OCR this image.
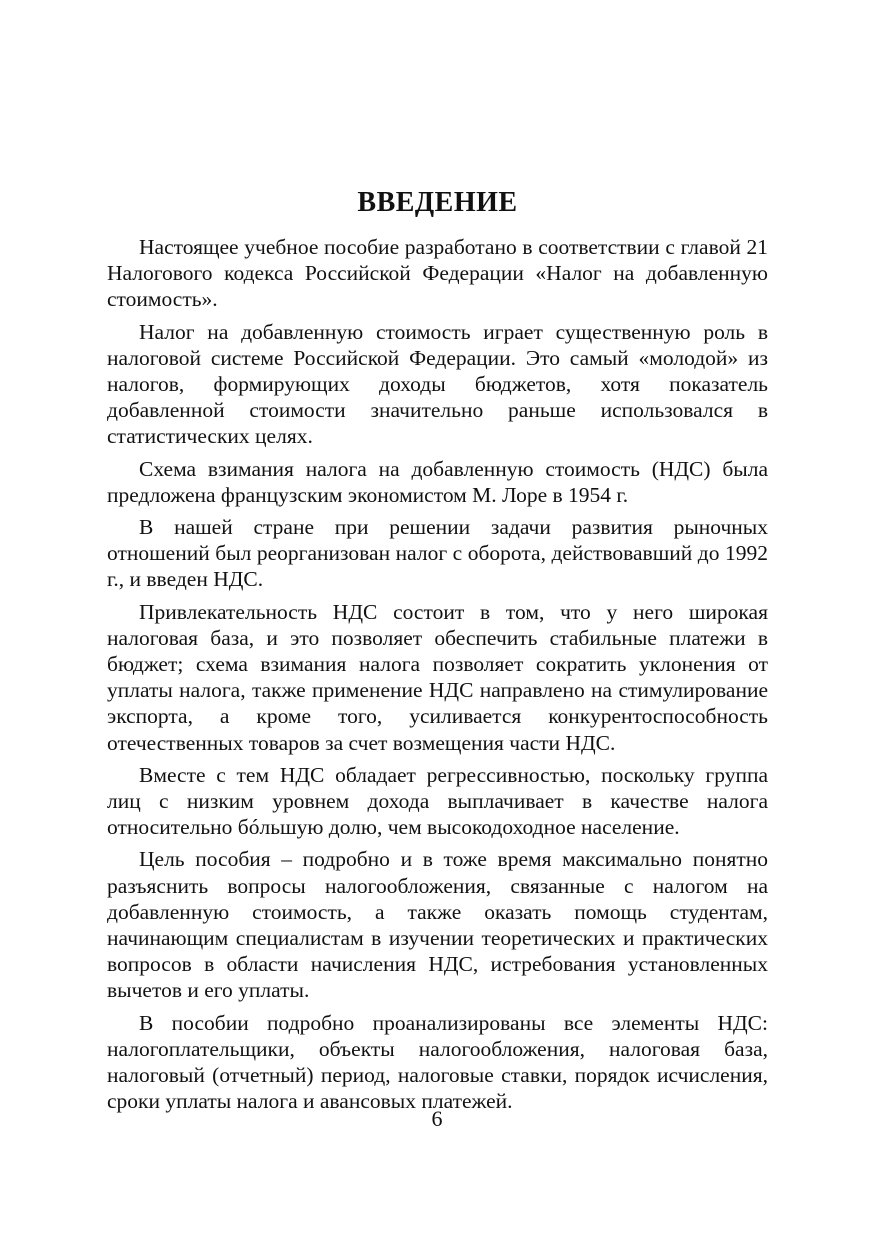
ВВЕДЕНИЕ

Настоящее учебное пособие разработано в соответствии с главой 21 Налогового кодекса Российской Федерации «Налог на добавленную стоимость».

Налог на добавленную стоимость играет существенную роль в налоговой системе Российской Федерации. Это самый «молодой» из налогов, формирующих доходы бюджетов, хотя показатель добавленной стоимости значительно раньше использовался в статистических целях.

Схема взимания налога на добавленную стоимость (НДС) была предложена французским экономистом М. Лоре в 1954 г.

В нашей стране при решении задачи развития рыночных отношений был реорганизован налог с оборота, действовавший до 1992 г., и введен НДС.

Привлекательность НДС состоит в том, что у него широкая налоговая база, и это позволяет обеспечить стабильные платежи в бюджет; схема взимания налога позволяет сократить уклонения от уплаты налога, также применение НДС направлено на стимулирование экспорта, а кроме того, усиливается конкурентоспособность отечественных товаров за счет возмещения части НДС.

Вместе с тем НДС обладает регрессивностью, поскольку группа лиц с низким уровнем дохода выплачивает в качестве налога относительно бóльшую долю, чем высокодоходное население.

Цель пособия – подробно и в тоже время максимально понятно разъяснить вопросы налогообложения, связанные с налогом на добавленную стоимость, а также оказать помощь студентам, начинающим специалистам в изучении теоретических и практических вопросов в области начисления НДС, истребования установленных вычетов и его уплаты.

В пособии подробно проанализированы все элементы НДС: налогоплательщики, объекты налогообложения, налоговая база, налоговый (отчетный) период, налоговые ставки, порядок исчисления, сроки уплаты налога и авансовых платежей.

6
